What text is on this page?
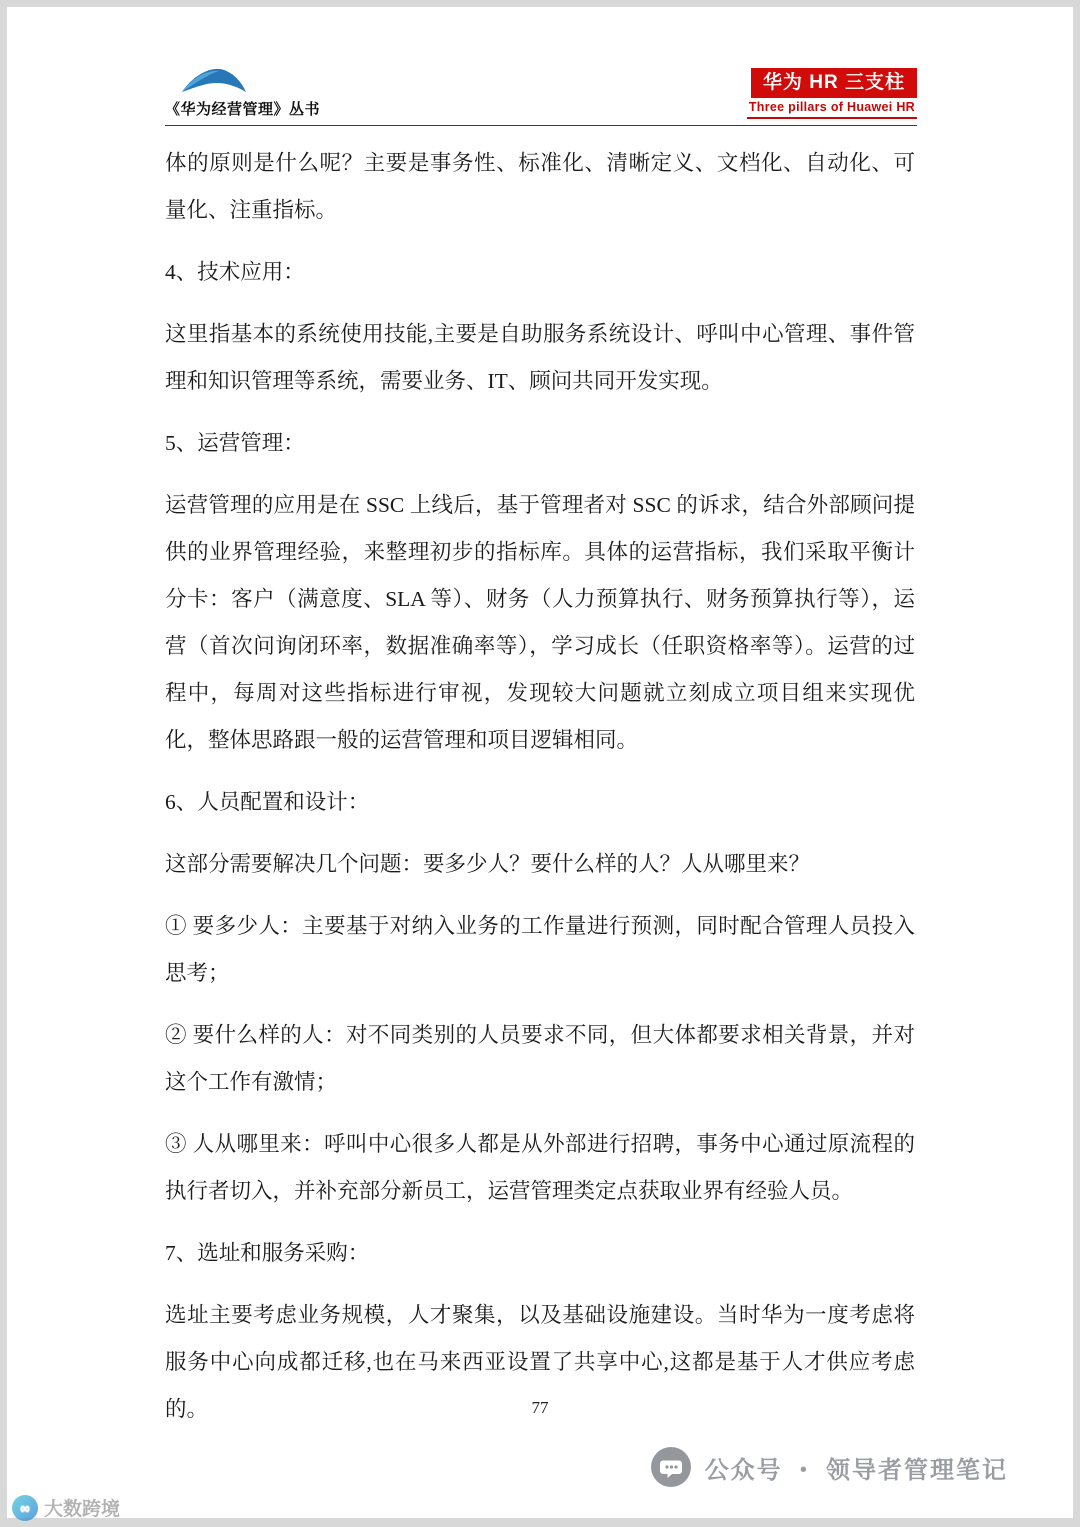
《华为经营管理》丛书
华为 HR 三支柱
Three pillars of Huawei HR

体的原则是什么呢？主要是事务性、标准化、清晰定义、文档化、自动化、可量化、注重指标。

4、技术应用：

这里指基本的系统使用技能,主要是自助服务系统设计、呼叫中心管理、事件管理和知识管理等系统，需要业务、IT、顾问共同开发实现。

5、运营管理：

运营管理的应用是在 SSC 上线后，基于管理者对 SSC 的诉求，结合外部顾问提供的业界管理经验，来整理初步的指标库。具体的运营指标，我们采取平衡计分卡：客户（满意度、SLA 等）、财务（人力预算执行、财务预算执行等），运营（首次问询闭环率，数据准确率等），学习成长（任职资格率等）。运营的过程中，每周对这些指标进行审视，发现较大问题就立刻成立项目组来实现优化，整体思路跟一般的运营管理和项目逻辑相同。

6、人员配置和设计：

这部分需要解决几个问题：要多少人？要什么样的人？人从哪里来？

① 要多少人：主要基于对纳入业务的工作量进行预测，同时配合管理人员投入思考；

② 要什么样的人：对不同类别的人员要求不同，但大体都要求相关背景，并对这个工作有激情；

③ 人从哪里来：呼叫中心很多人都是从外部进行招聘，事务中心通过原流程的执行者切入，并补充部分新员工，运营管理类定点获取业界有经验人员。

7、选址和服务采购：

选址主要考虑业务规模，人才聚集，以及基础设施建设。当时华为一度考虑将服务中心向成都迁移,也在马来西亚设置了共享中心,这都是基于人才供应考虑的。	77
公众号 ・ 领导者管理笔记
∞ 大数跨境
